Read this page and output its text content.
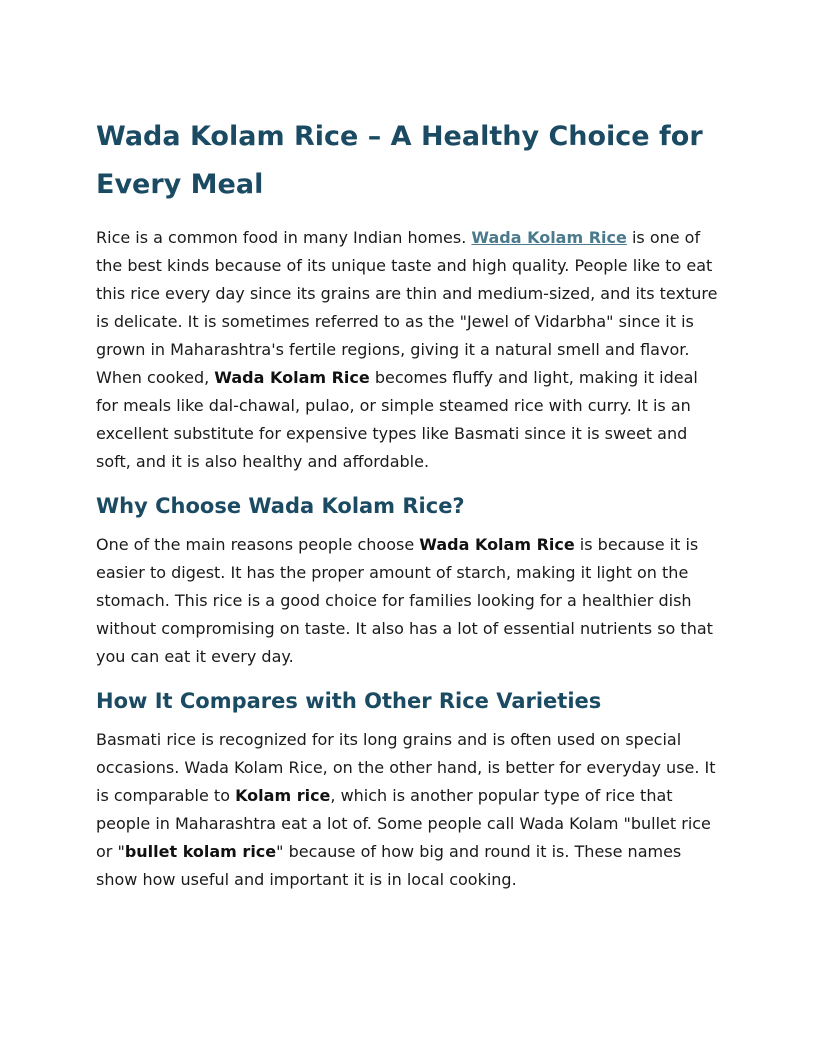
Wada Kolam Rice – A Healthy Choice for Every Meal

Rice is a common food in many Indian homes. Wada Kolam Rice is one of the best kinds because of its unique taste and high quality. People like to eat this rice every day since its grains are thin and medium-sized, and its texture is delicate. It is sometimes referred to as the "Jewel of Vidarbha" since it is grown in Maharashtra's fertile regions, giving it a natural smell and flavor. When cooked, Wada Kolam Rice becomes fluffy and light, making it ideal for meals like dal-chawal, pulao, or simple steamed rice with curry. It is an excellent substitute for expensive types like Basmati since it is sweet and soft, and it is also healthy and affordable.

Why Choose Wada Kolam Rice?

One of the main reasons people choose Wada Kolam Rice is because it is easier to digest. It has the proper amount of starch, making it light on the stomach. This rice is a good choice for families looking for a healthier dish without compromising on taste. It also has a lot of essential nutrients so that you can eat it every day.

How It Compares with Other Rice Varieties

Basmati rice is recognized for its long grains and is often used on special occasions. Wada Kolam Rice, on the other hand, is better for everyday use. It is comparable to Kolam rice, which is another popular type of rice that people in Maharashtra eat a lot of. Some people call Wada Kolam "bullet rice or "bullet kolam rice" because of how big and round it is. These names show how useful and important it is in local cooking.
